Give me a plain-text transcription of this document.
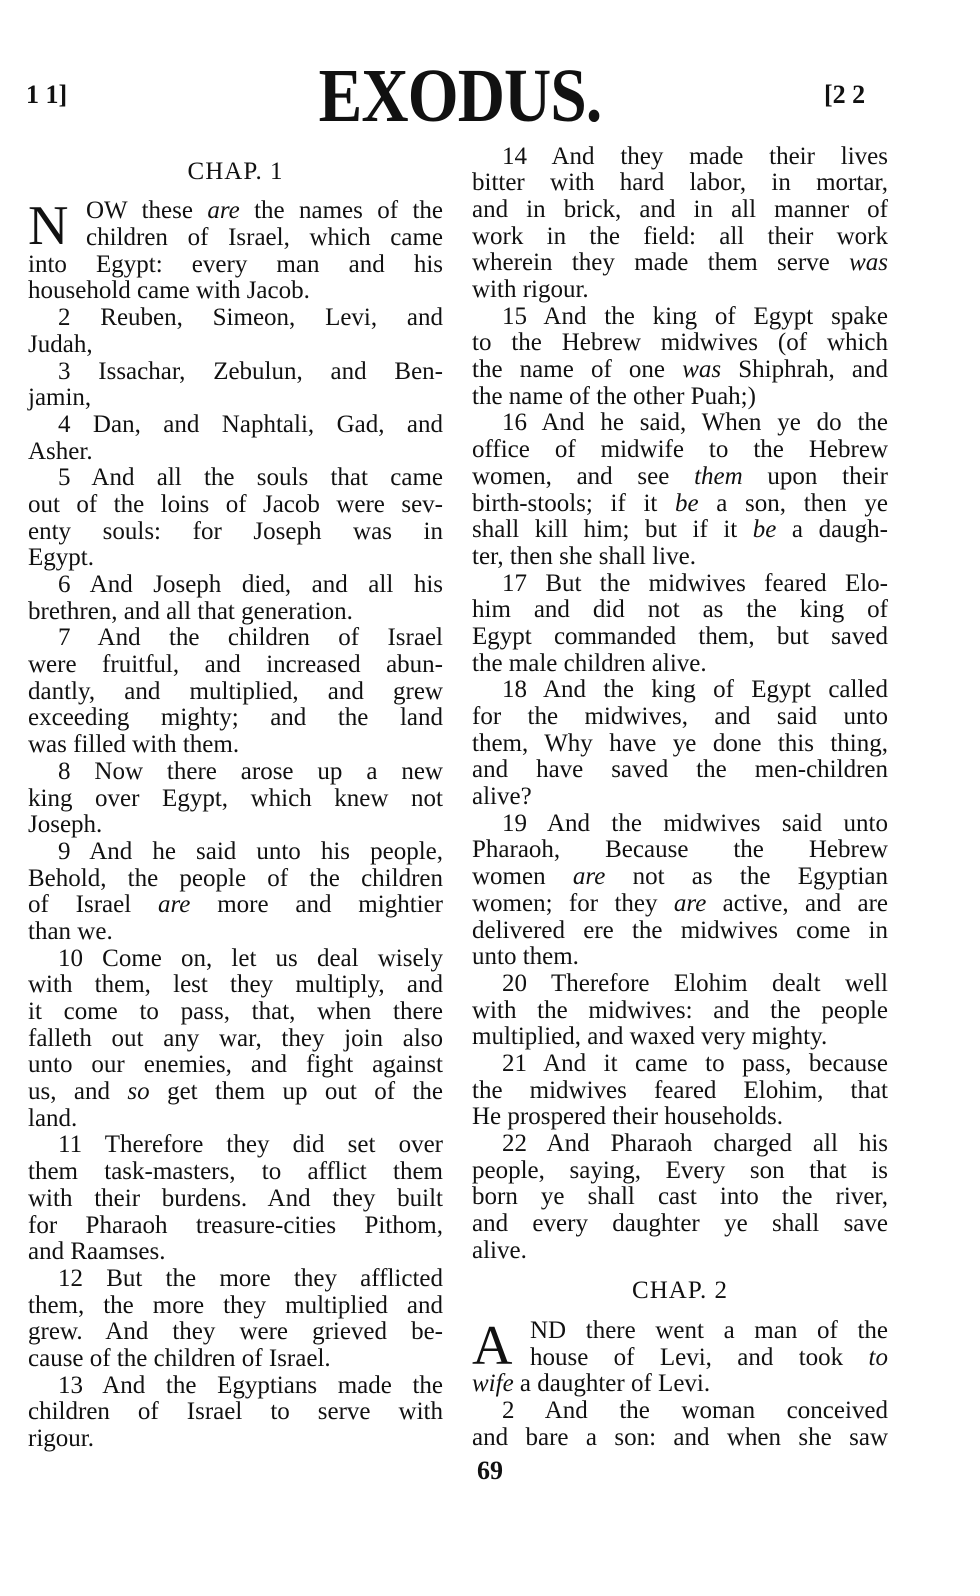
1 1]	EXODUS.	[2 2
CHAP. 1
N OW these are the names of the
children of Israel, which came
into Egypt: every man and his
household came with Jacob.
2 Reuben, Simeon, Levi, and
Judah,
3 Issachar, Zebulun, and Ben-
jamin,
4 Dan, and Naphtali, Gad, and
Asher.
5 And all the souls that came
out of the loins of Jacob were sev-
enty souls: for Joseph was in
Egypt.
6 And Joseph died, and all his
brethren, and all that generation.
7 And the children of Israel
were fruitful, and increased abun-
dantly, and multiplied, and grew
exceeding mighty; and the land
was filled with them.
8 Now there arose up a new
king over Egypt, which knew not
Joseph.
9 And he said unto his people,
Behold, the people of the children
of Israel are more and mightier
than we.
10 Come on, let us deal wisely
with them, lest they multiply, and
it come to pass, that, when there
falleth out any war, they join also
unto our enemies, and fight against
us, and so get them up out of the
land.
11 Therefore they did set over
them task-masters, to afflict them
with their burdens. And they built
for Pharaoh treasure-cities Pithom,
and Raamses.
12 But the more they afflicted
them, the more they multiplied and
grew. And they were grieved be-
cause of the children of Israel.
13 And the Egyptians made the
children of Israel to serve with
rigour.
14 And they made their lives
bitter with hard labor, in mortar,
and in brick, and in all manner of
work in the field: all their work
wherein they made them serve was
with rigour.
15 And the king of Egypt spake
to the Hebrew midwives (of which
the name of one was Shiphrah, and
the name of the other Puah;)
16 And he said, When ye do the
office of midwife to the Hebrew
women, and see them upon their
birth-stools; if it be a son, then ye
shall kill him; but if it be a daugh-
ter, then she shall live.
17 But the midwives feared Elo-
him and did not as the king of
Egypt commanded them, but saved
the male children alive.
18 And the king of Egypt called
for the midwives, and said unto
them, Why have ye done this thing,
and have saved the men-children
alive?
19 And the midwives said unto
Pharaoh, Because the Hebrew
women are not as the Egyptian
women; for they are active, and are
delivered ere the midwives come in
unto them.
20 Therefore Elohim dealt well
with the midwives: and the people
multiplied, and waxed very mighty.
21 And it came to pass, because
the midwives feared Elohim, that
He prospered their households.
22 And Pharaoh charged all his
people, saying, Every son that is
born ye shall cast into the river,
and every daughter ye shall save
alive.
CHAP. 2
A ND there went a man of the
house of Levi, and took to
wife a daughter of Levi.
2 And the woman conceived
and bare a son: and when she saw
69
